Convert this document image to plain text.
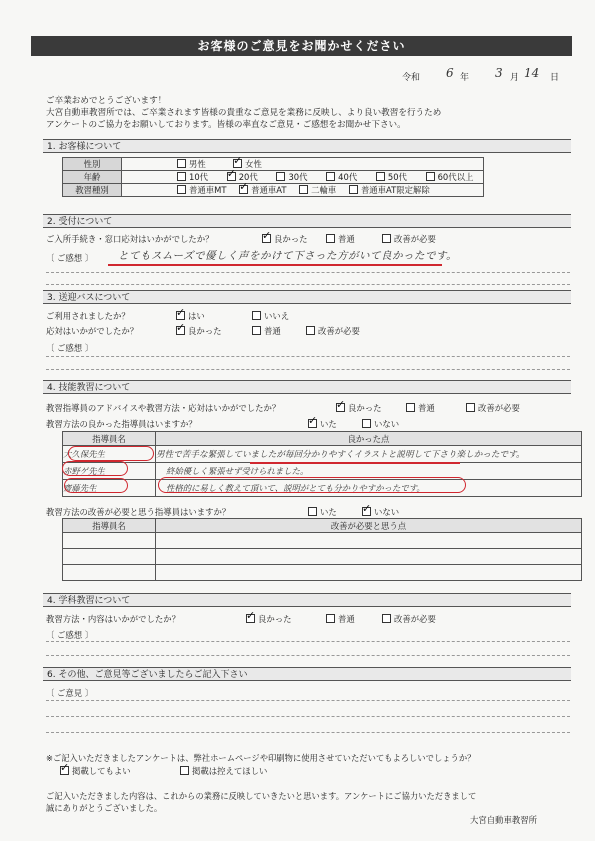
お客様のご意見をお聞かせください
令和 6 年 3 月 14 日
ご卒業おめでとうございます！
大宮自動車教習所では、ご卒業されます皆様の貴重なご意見を業務に反映し、より良い教習を行うため
アンケートのご協力をお願いしております。皆様の率直なご意見・ご感想をお聞かせ下さい。
1. お客様について
性別	男性 ✓ 女性
年齢	10代 ✓ 20代 30代 40代 50代 60代以上
教習種別	普通車MT ✓ 普通車AT 二輪車 普通車AT限定解除
2. 受付について
ご入所手続き・窓口応対はいかがでしたか？ ✓	良かった	普通	改善が必要
〔 ご感想 〕 とてもスムーズで優しく声をかけて下さった方がいて良かったです。
3. 送迎バスについて
ご利用されましたか？ ✓	はい	いいえ
応対はいかがでしたか？ ✓	良かった	普通	改善が必要
〔 ご感想 〕
4. 技能教習について
教習指導員のアドバイスや教習方法・応対はいかがでしたか？ ✓	良かった	普通	改善が必要
教習方法の良かった指導員はいますか？ ✓	いた	いない
指導員名	良かった点
大久保先生	男性で苦手な緊張していましたが毎回分かりやすくイラストと説明して下さり楽しかったです。
赤野ゲ先生	終始優しく緊張せず受けられました。
齋藤先生	性格的に易しく教えて頂いて、説明がとても分かりやすかったです。
教習方法の改善が必要と思う指導員はいますか？	いた ✓	いない
指導員名	改善が必要と思う点

4. 学科教習について
教習方法・内容はいかがでしたか？ ✓	良かった	普通	改善が必要
〔 ご感想 〕
6. その他、ご意見等ございましたらご記入下さい
〔 ご意見 〕
※ご記入いただきましたアンケートは、弊社ホームページや印刷物に使用させていただいてもよろしいでしょうか？
✓掲載してもよい	掲載は控えてほしい
ご記入いただきました内容は、これからの業務に反映していきたいと思います。アンケートにご協力いただきまして
誠にありがとうございました。
大宮自動車教習所
